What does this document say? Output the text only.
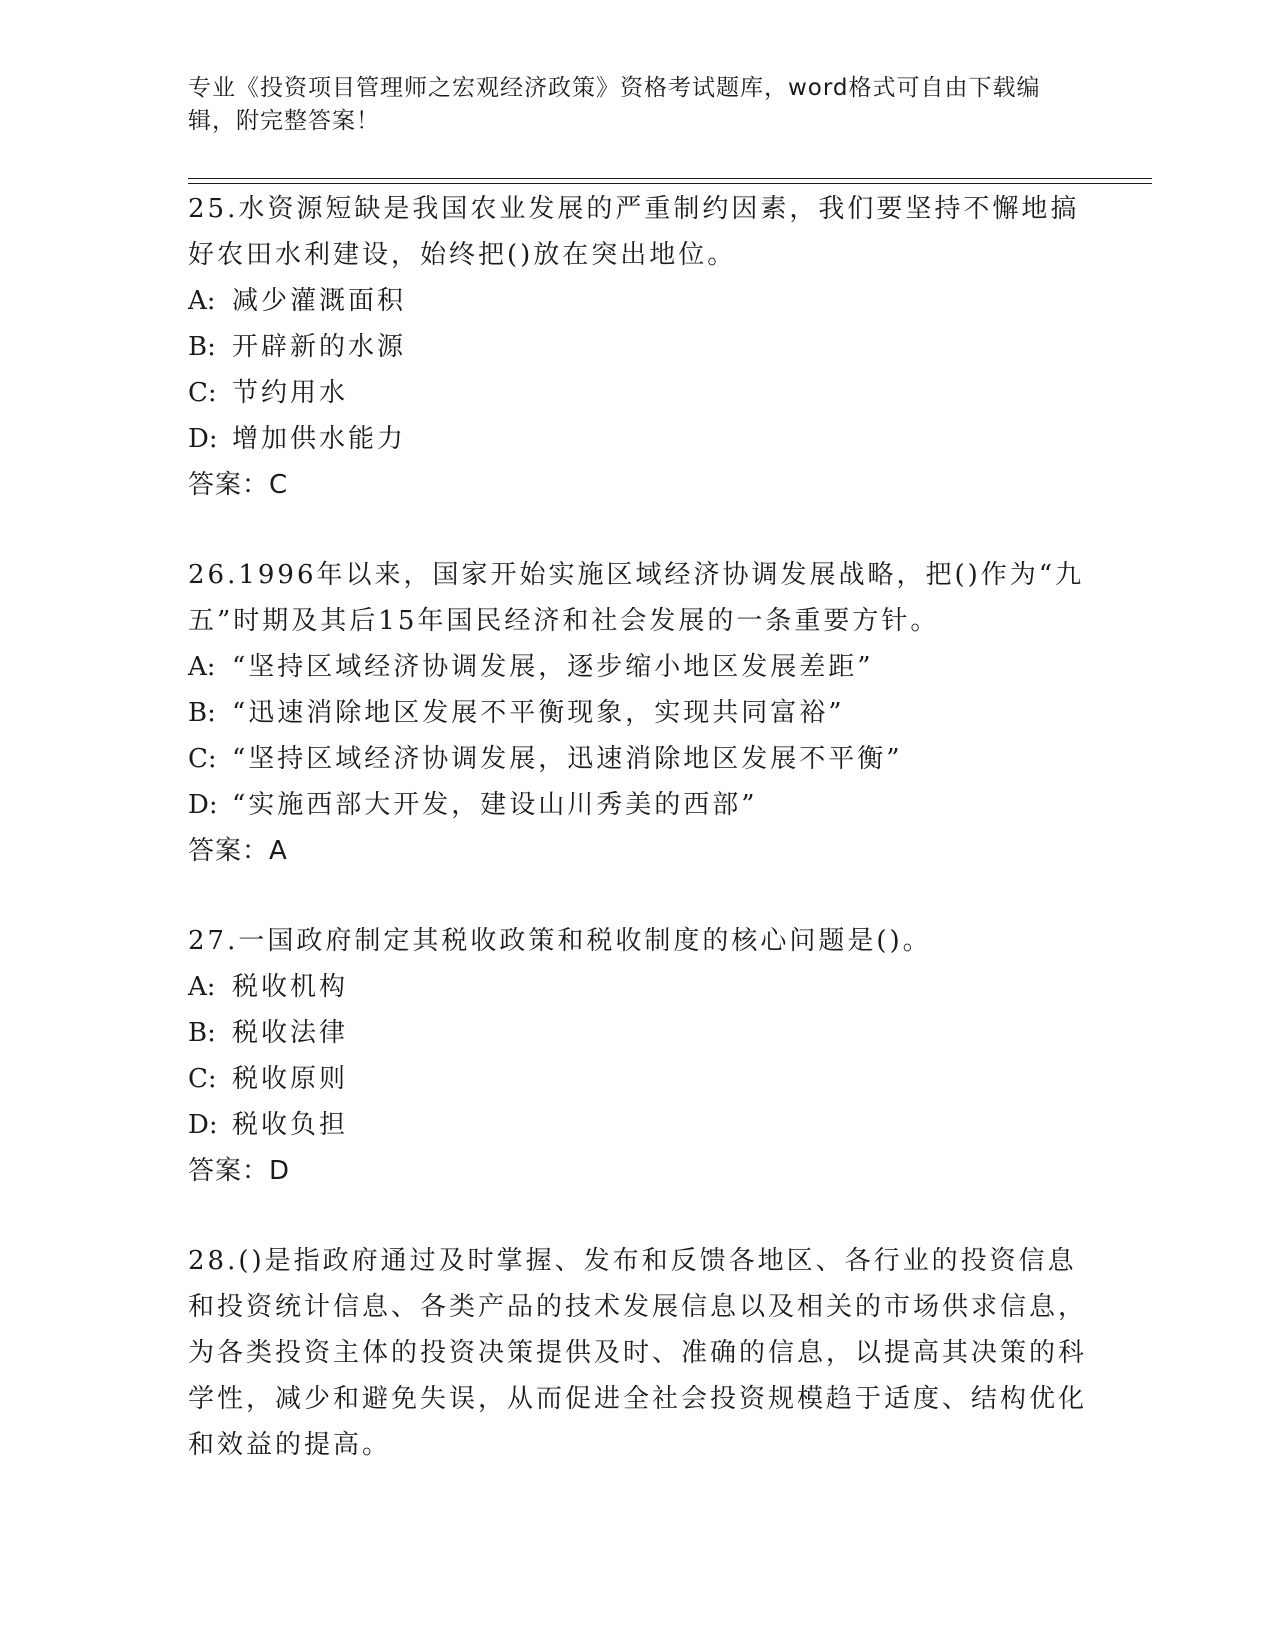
专业《投资项目管理师之宏观经济政策》资格考试题库，word格式可自由下载编辑，附完整答案！

25.水资源短缺是我国农业发展的严重制约因素，我们要坚持不懈地搞好农田水利建设，始终把()放在突出地位。

A: 减少灌溉面积
B: 开辟新的水源
C: 节约用水
D: 增加供水能力
答案：C

26.1996年以来，国家开始实施区域经济协调发展战略，把()作为“九五”时期及其后15年国民经济和社会发展的一条重要方针。

A: “坚持区域经济协调发展，逐步缩小地区发展差距”
B: “迅速消除地区发展不平衡现象，实现共同富裕”
C: “坚持区域经济协调发展，迅速消除地区发展不平衡”
D: “实施西部大开发，建设山川秀美的西部”
答案：A

27.一国政府制定其税收政策和税收制度的核心问题是()。

A: 税收机构
B: 税收法律
C: 税收原则
D: 税收负担
答案：D

28.()是指政府通过及时掌握、发布和反馈各地区、各行业的投资信息和投资统计信息、各类产品的技术发展信息以及相关的市场供求信息，为各类投资主体的投资决策提供及时、准确的信息，以提高其决策的科学性，减少和避免失误，从而促进全社会投资规模趋于适度、结构优化和效益的提高。
